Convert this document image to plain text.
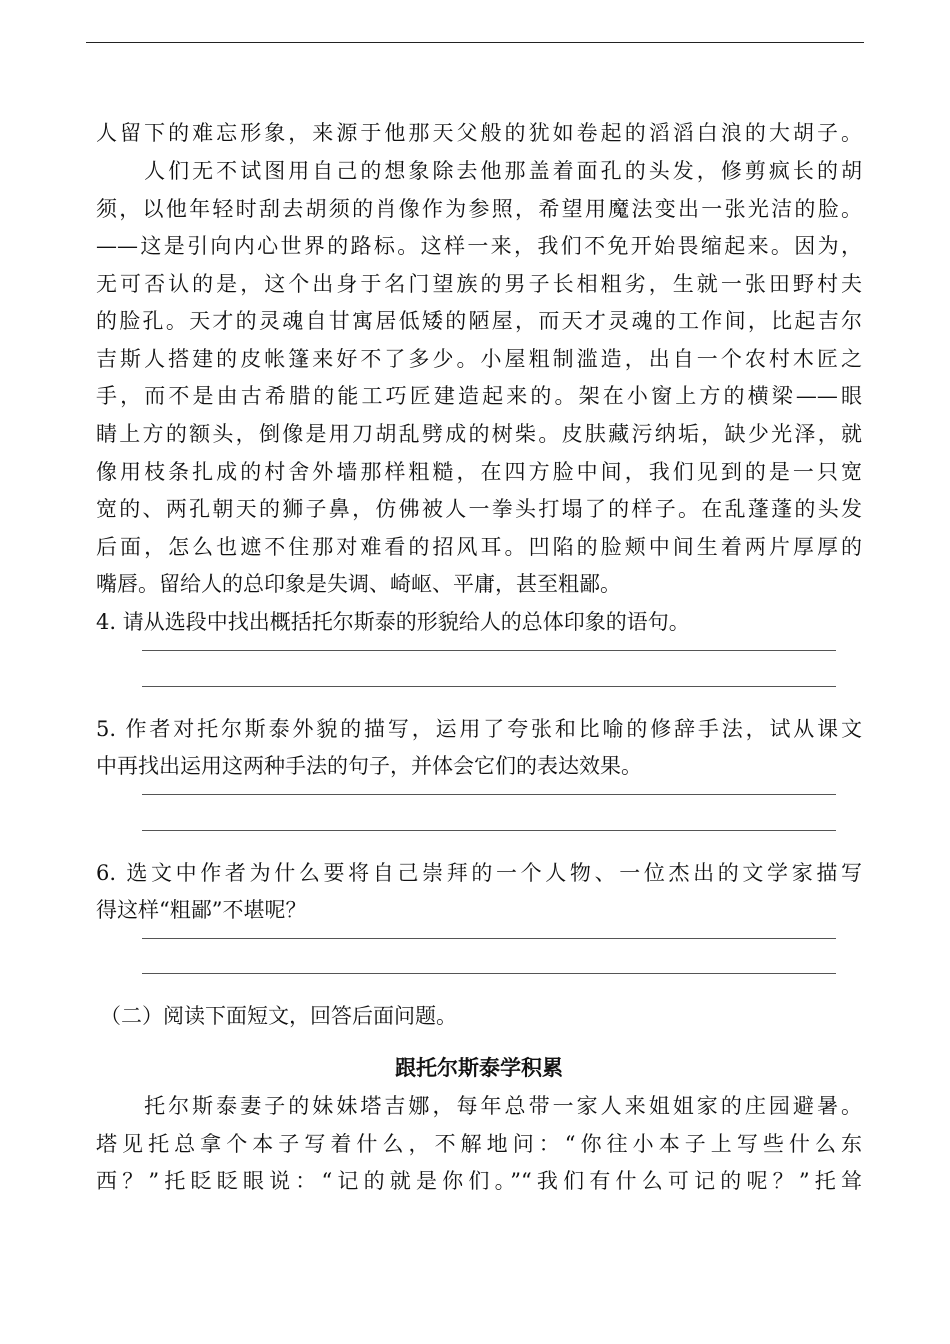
人留下的难忘形象，来源于他那天父般的犹如卷起的滔滔白浪的大胡子。
　　人们无不试图用自己的想象除去他那盖着面孔的头发，修剪疯长的胡
须，以他年轻时刮去胡须的肖像作为参照，希望用魔法变出一张光洁的脸。
——这是引向内心世界的路标。这样一来，我们不免开始畏缩起来。因为，
无可否认的是，这个出身于名门望族的男子长相粗劣，生就一张田野村夫
的脸孔。天才的灵魂自甘寓居低矮的陋屋，而天才灵魂的工作间，比起吉尔
吉斯人搭建的皮帐篷来好不了多少。小屋粗制滥造，出自一个农村木匠之
手，而不是由古希腊的能工巧匠建造起来的。架在小窗上方的横梁——眼
睛上方的额头，倒像是用刀胡乱劈成的树柴。皮肤藏污纳垢，缺少光泽，就
像用枝条扎成的村舍外墙那样粗糙，在四方脸中间，我们见到的是一只宽
宽的、两孔朝天的狮子鼻，仿佛被人一拳头打塌了的样子。在乱蓬蓬的头发
后面，怎么也遮不住那对难看的招风耳。凹陷的脸颊中间生着两片厚厚的
嘴唇。留给人的总印象是失调、崎岖、平庸，甚至粗鄙。
4. 请从选段中找出概括托尔斯泰的形貌给人的总体印象的语句。
5. 作者对托尔斯泰外貌的描写，运用了夸张和比喻的修辞手法，试从课文
中再找出运用这两种手法的句子，并体会它们的表达效果。
6. 选文中作者为什么要将自己崇拜的一个人物、一位杰出的文学家描写
得这样“粗鄙”不堪呢？
（二）阅读下面短文，回答后面问题。
跟托尔斯泰学积累
　　托尔斯泰妻子的妹妹塔吉娜，每年总带一家人来姐姐家的庄园避暑。
塔见托总拿个本子写着什么，不解地问：“你往小本子上写些什么东
西？”托眨眨眼说：“记的就是你们。”“我们有什么可记的呢？”托耸
